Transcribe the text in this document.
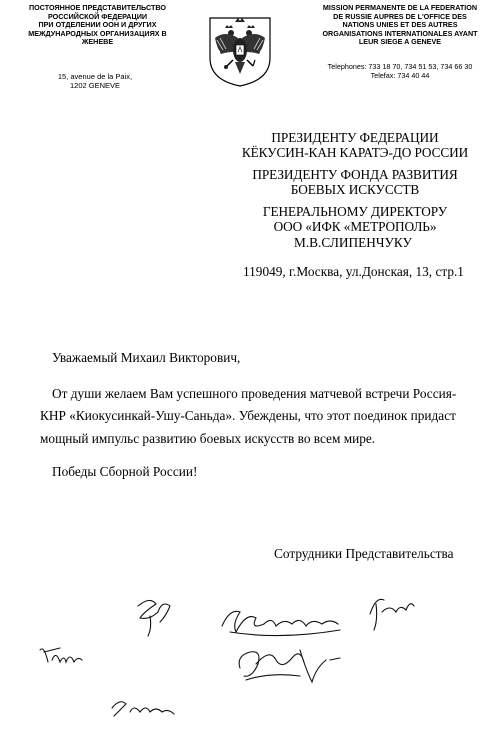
ПОСТОЯННОЕ ПРЕДСТАВИТЕЛЬСТВО
РОССИЙСКОЙ ФЕДЕРАЦИИ
ПРИ ОТДЕЛЕНИИ ООН И ДРУГИХ
МЕЖДУНАРОДНЫХ ОРГАНИЗАЦИЯХ В
ЖЕНЕВЕ
15, avenue de la Paix,
1202 GENEVE
MISSION PERMANENTE DE LA FEDERATION
DE RUSSIE AUPRES DE L'OFFICE DES
NATIONS UNIES ET DES AUTRES
ORGANISATIONS INTERNATIONALES AYANT
LEUR SIEGE A GENEVE
Telephones: 733 18 70, 734 51 53, 734 66 30
Telefax: 734 40 44
ПРЕЗИДЕНТУ ФЕДЕРАЦИИ
КЁКУСИН-КАН КАРАТЭ-ДО РОССИИ
ПРЕЗИДЕНТУ ФОНДА РАЗВИТИЯ
БОЕВЫХ ИСКУССТВ
ГЕНЕРАЛЬНОМУ ДИРЕКТОРУ
ООО «ИФК «МЕТРОПОЛЬ»
М.В.СЛИПЕНЧУКУ
119049, г.Москва, ул.Донская, 13, стр.1
Уважаемый Михаил Викторович,
От души желаем Вам успешного проведения матчевой встречи Россия-
КНР «Киокусинкай-Ушу-Саньда». Убеждены, что этот поединок придаст
мощный импульс развитию боевых искусств во всем мире.
Победы Сборной России!
Сотрудники Представительства
